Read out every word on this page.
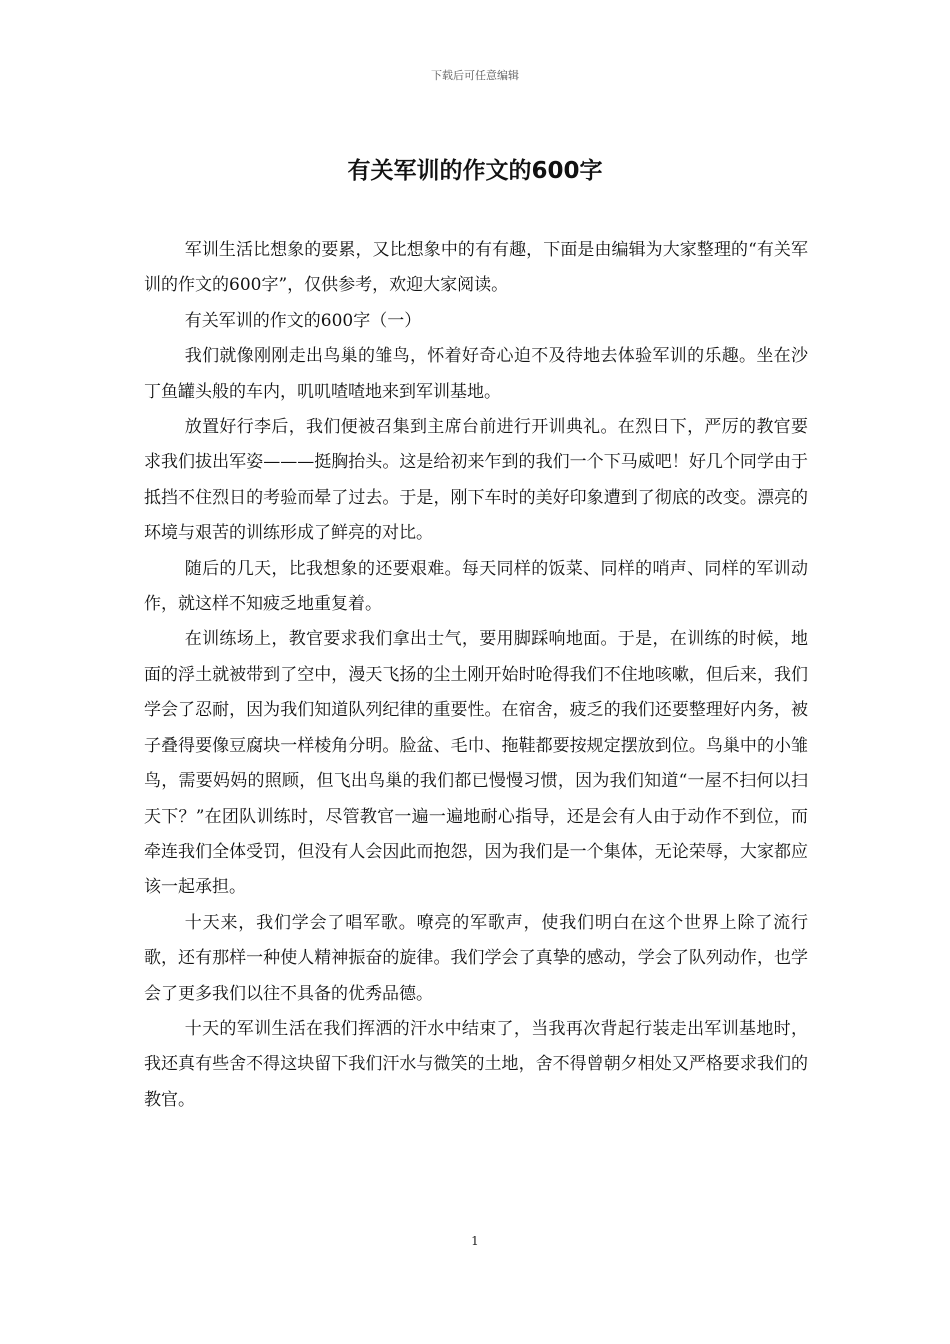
下载后可任意编辑
有关军训的作文的600字

军训生活比想象的要累，又比想象中的有有趣，下面是由编辑为大家整理的“有关军训的作文的600字”，仅供参考，欢迎大家阅读。

有关军训的作文的600字（一）

我们就像刚刚走出鸟巢的雏鸟，怀着好奇心迫不及待地去体验军训的乐趣。坐在沙丁鱼罐头般的车内，叽叽喳喳地来到军训基地。

放置好行李后，我们便被召集到主席台前进行开训典礼。在烈日下，严厉的教官要求我们拔出军姿———挺胸抬头。这是给初来乍到的我们一个下马威吧！好几个同学由于抵挡不住烈日的考验而晕了过去。于是，刚下车时的美好印象遭到了彻底的改变。漂亮的环境与艰苦的训练形成了鲜亮的对比。

随后的几天，比我想象的还要艰难。每天同样的饭菜、同样的哨声、同样的军训动作，就这样不知疲乏地重复着。

在训练场上，教官要求我们拿出士气，要用脚踩响地面。于是，在训练的时候，地面的浮土就被带到了空中，漫天飞扬的尘土刚开始时呛得我们不住地咳嗽，但后来，我们学会了忍耐，因为我们知道队列纪律的重要性。在宿舍，疲乏的我们还要整理好内务，被子叠得要像豆腐块一样棱角分明。脸盆、毛巾、拖鞋都要按规定摆放到位。鸟巢中的小雏鸟，需要妈妈的照顾，但飞出鸟巢的我们都已慢慢习惯，因为我们知道“一屋不扫何以扫天下？”在团队训练时，尽管教官一遍一遍地耐心指导，还是会有人由于动作不到位，而牵连我们全体受罚，但没有人会因此而抱怨，因为我们是一个集体，无论荣辱，大家都应该一起承担。

十天来，我们学会了唱军歌。嘹亮的军歌声，使我们明白在这个世界上除了流行歌，还有那样一种使人精神振奋的旋律。我们学会了真挚的感动，学会了队列动作，也学会了更多我们以往不具备的优秀品德。

十天的军训生活在我们挥洒的汗水中结束了，当我再次背起行装走出军训基地时，我还真有些舍不得这块留下我们汗水与微笑的土地，舍不得曾朝夕相处又严格要求我们的教官。

1
